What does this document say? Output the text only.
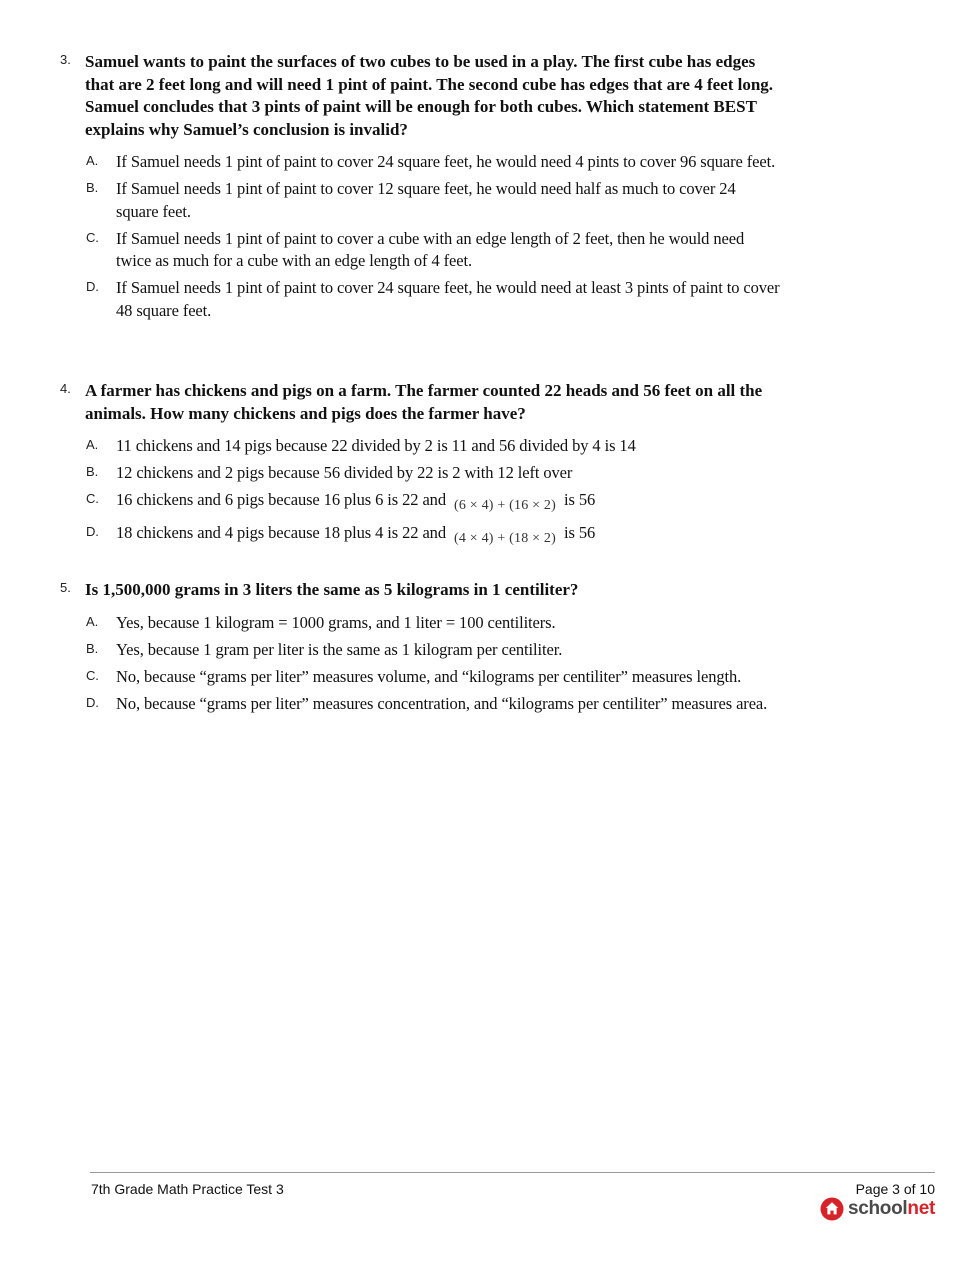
3. Samuel wants to paint the surfaces of two cubes to be used in a play. The first cube has edges that are 2 feet long and will need 1 pint of paint. The second cube has edges that are 4 feet long. Samuel concludes that 3 pints of paint will be enough for both cubes. Which statement BEST explains why Samuel’s conclusion is invalid?

A. If Samuel needs 1 pint of paint to cover 24 square feet, he would need 4 pints to cover 96 square feet.
B. If Samuel needs 1 pint of paint to cover 12 square feet, he would need half as much to cover 24 square feet.
C. If Samuel needs 1 pint of paint to cover a cube with an edge length of 2 feet, then he would need twice as much for a cube with an edge length of 4 feet.
D. If Samuel needs 1 pint of paint to cover 24 square feet, he would need at least 3 pints of paint to cover 48 square feet.
4. A farmer has chickens and pigs on a farm. The farmer counted 22 heads and 56 feet on all the animals. How many chickens and pigs does the farmer have?

A. 11 chickens and 14 pigs because 22 divided by 2 is 11 and 56 divided by 4 is 14
B. 12 chickens and 2 pigs because 56 divided by 22 is 2 with 12 left over
C. 16 chickens and 6 pigs because 16 plus 6 is 22 and (6 × 4) + (16 × 2) is 56
D. 18 chickens and 4 pigs because 18 plus 4 is 22 and (4 × 4) + (18 × 2) is 56
5. Is 1,500,000 grams in 3 liters the same as 5 kilograms in 1 centiliter?

A. Yes, because 1 kilogram = 1000 grams, and 1 liter = 100 centiliters.
B. Yes, because 1 gram per liter is the same as 1 kilogram per centiliter.
C. No, because “grams per liter” measures volume, and “kilograms per centiliter” measures length.
D. No, because “grams per liter” measures concentration, and “kilograms per centiliter” measures area.
7th Grade Math Practice Test 3	Page 3 of 10
schoolnet
